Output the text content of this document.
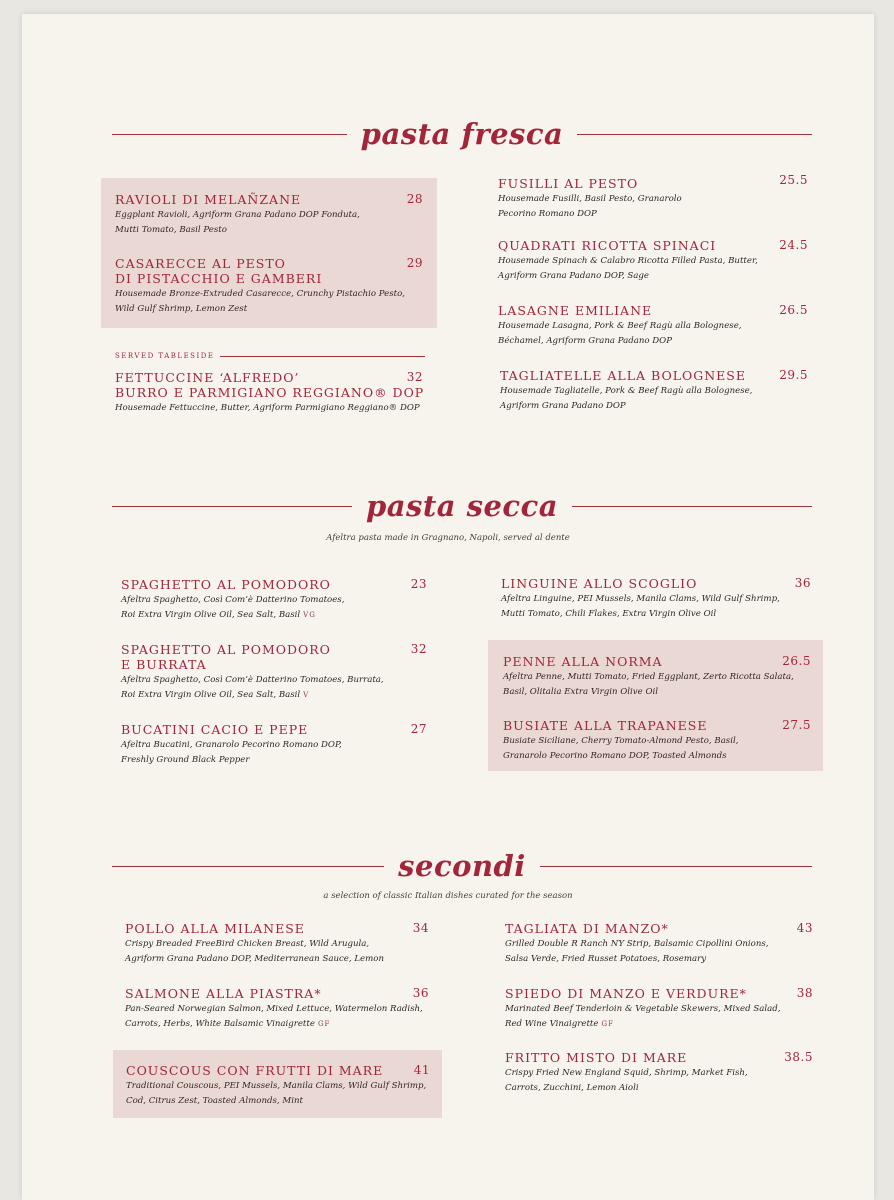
pasta fresca
RAVIOLI DI MELAÑZANE
Eggplant Ravioli, Agriform Grana Padano DOP Fonduta,
Mutti Tomato, Basil Pesto
28
CASARECCE AL PESTO
DI PISTACCHIO E GAMBERI
Housemade Bronze-Extruded Casarecce, Crunchy Pistachio Pesto,
Wild Gulf Shrimp, Lemon Zest
29
SERVED TABLESIDE
FETTUCCINE ‘ALFREDO’
BURRO E PARMIGIANO REGGIANO® DOP
Housemade Fettuccine, Butter, Agriform Parmigiano Reggiano® DOP
32
FUSILLI AL PESTO
Housemade Fusilli, Basil Pesto, Granarolo
Pecorino Romano DOP
25.5
QUADRATI RICOTTA SPINACI
Housemade Spinach & Calabro Ricotta Filled Pasta, Butter,
Agriform Grana Padano DOP, Sage
24.5
LASAGNE EMILIANE
Housemade Lasagna, Pork & Beef Ragù alla Bolognese,
Béchamel, Agriform Grana Padano DOP
26.5
TAGLIATELLE ALLA BOLOGNESE
Housemade Tagliatelle, Pork & Beef Ragù alla Bolognese,
Agriform Grana Padano DOP
29.5
pasta secca
Afeltra pasta made in Gragnano, Napoli, served al dente
SPAGHETTO AL POMODORO
Afeltra Spaghetto, Così Com’è Datterino Tomatoes,
Roi Extra Virgin Olive Oil, Sea Salt, Basil VG
23
SPAGHETTO AL POMODORO
E BURRATA
Afeltra Spaghetto, Così Com’è Datterino Tomatoes, Burrata,
Roi Extra Virgin Olive Oil, Sea Salt, Basil V
32
BUCATINI CACIO E PEPE
Afeltra Bucatini, Granarolo Pecorino Romano DOP,
Freshly Ground Black Pepper
27
LINGUINE ALLO SCOGLIO
Afeltra Linguine, PEI Mussels, Manila Clams, Wild Gulf Shrimp,
Mutti Tomato, Chili Flakes, Extra Virgin Olive Oil
36
PENNE ALLA NORMA
Afeltra Penne, Mutti Tomato, Fried Eggplant, Zerto Ricotta Salata,
Basil, Olitalia Extra Virgin Olive Oil
26.5
BUSIATE ALLA TRAPANESE
Busiate Siciliane, Cherry Tomato-Almond Pesto, Basil,
Granarolo Pecorino Romano DOP, Toasted Almonds
27.5
secondi
a selection of classic Italian dishes curated for the season
POLLO ALLA MILANESE
Crispy Breaded FreeBird Chicken Breast, Wild Arugula,
Agriform Grana Padano DOP, Mediterranean Sauce, Lemon
34
SALMONE ALLA PIASTRA*
Pan-Seared Norwegian Salmon, Mixed Lettuce, Watermelon Radish,
Carrots, Herbs, White Balsamic Vinaigrette GF
36
COUSCOUS CON FRUTTI DI MARE
Traditional Couscous, PEI Mussels, Manila Clams, Wild Gulf Shrimp,
Cod, Citrus Zest, Toasted Almonds, Mint
41
TAGLIATA DI MANZO*
Grilled Double R Ranch NY Strip, Balsamic Cipollini Onions,
Salsa Verde, Fried Russet Potatoes, Rosemary
43
SPIEDO DI MANZO E VERDURE*
Marinated Beef Tenderloin & Vegetable Skewers, Mixed Salad,
Red Wine Vinaigrette GF
38
FRITTO MISTO DI MARE
Crispy Fried New England Squid, Shrimp, Market Fish,
Carrots, Zucchini, Lemon Aioli
38.5
